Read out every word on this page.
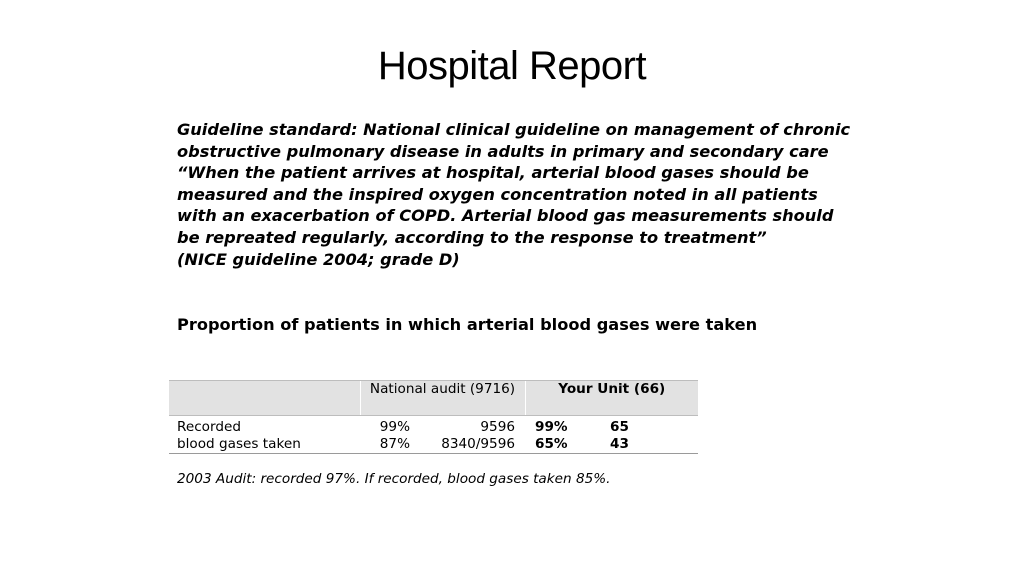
Hospital Report

Guideline standard: National clinical guideline on management of chronic obstructive pulmonary disease in adults in primary and secondary care

“When the patient arrives at hospital, arterial blood gases should be measured and the inspired oxygen concentration noted in all patients with an exacerbation of COPD. Arterial blood gas measurements should be repreated regularly, according to the response to treatment”

(NICE guideline 2004; grade D)

Proportion of patients in which arterial blood gases were taken
	National audit (9716)		Your Unit (66)	
Recorded	99%	9596	99%	65
blood gases taken	87%	8340/9596	65%	43
2003 Audit: recorded 97%. If recorded, blood gases taken 85%.
